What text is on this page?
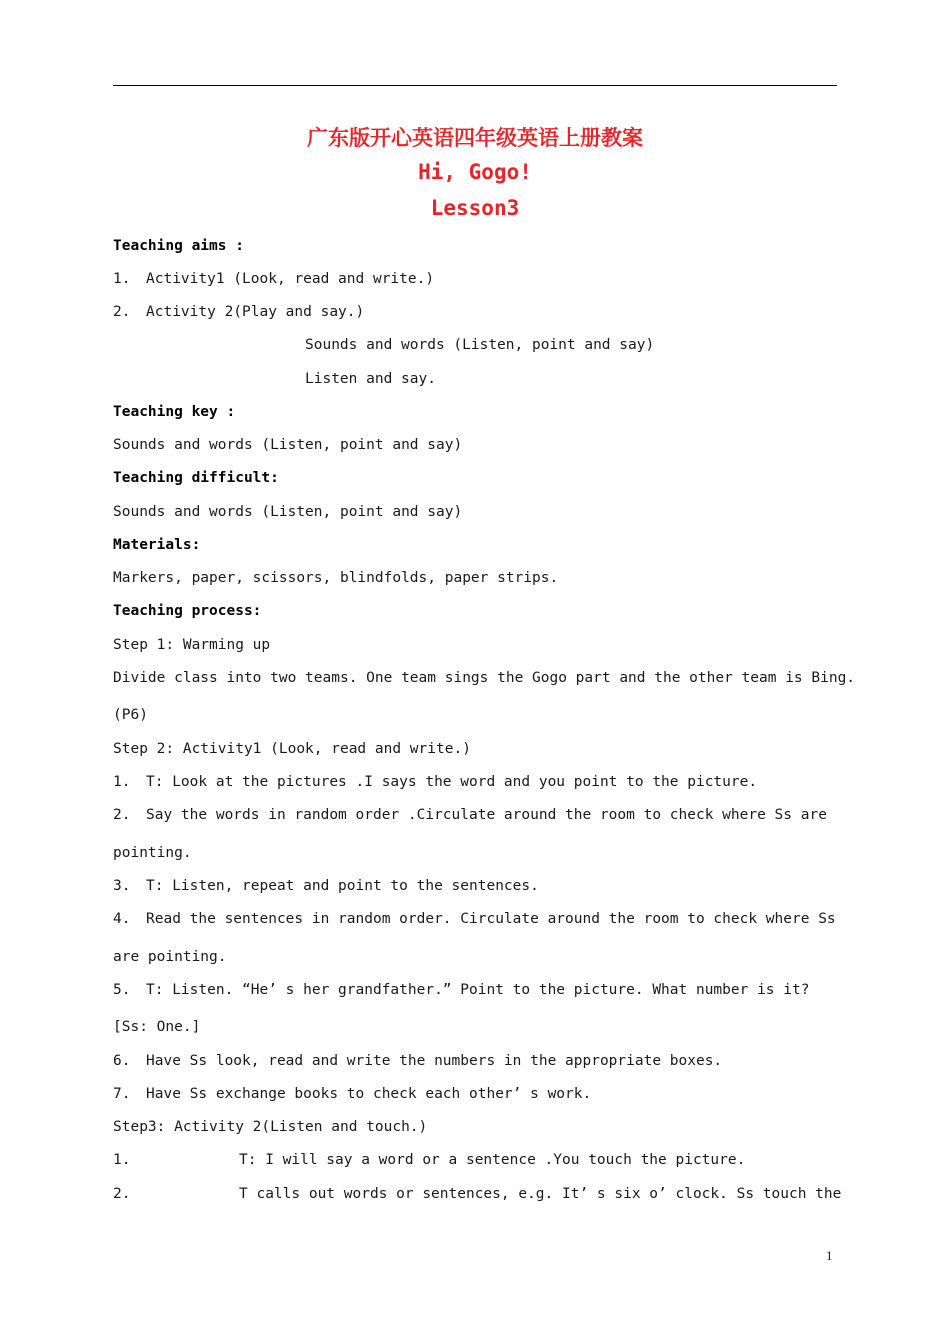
广东版开心英语四年级英语上册教案
Hi, Gogo!
Lesson3
Teaching aims :
1. Activity1 (Look, read and write.)
2. Activity 2(Play and say.)
Sounds and words (Listen, point and say)
Listen and say.
Teaching key :
Sounds and words (Listen, point and say)
Teaching difficult:
Sounds and words (Listen, point and say)
Materials:
Markers, paper, scissors, blindfolds, paper strips.
Teaching process:
Step 1: Warming up
Divide class into two teams. One team sings the Gogo part and the other team is Bing.
(P6)
Step 2: Activity1 (Look, read and write.)
1. T: Look at the pictures .I says the word and you point to the picture.
2. Say the words in random order .Circulate around the room to check where Ss are
pointing.
3. T: Listen, repeat and point to the sentences.
4. Read the sentences in random order. Circulate around the room to check where Ss
are pointing.
5. T: Listen. “He’ s her grandfather.” Point to the picture. What number is it?
[Ss: One.]
6. Have Ss look, read and write the numbers in the appropriate boxes.
7. Have Ss exchange books to check each other’ s work.
Step3: Activity 2(Listen and touch.)
1.	T: I will say a word or a sentence .You touch the picture.
2.	T calls out words or sentences, e.g. It’ s six o’ clock. Ss touch the
1
